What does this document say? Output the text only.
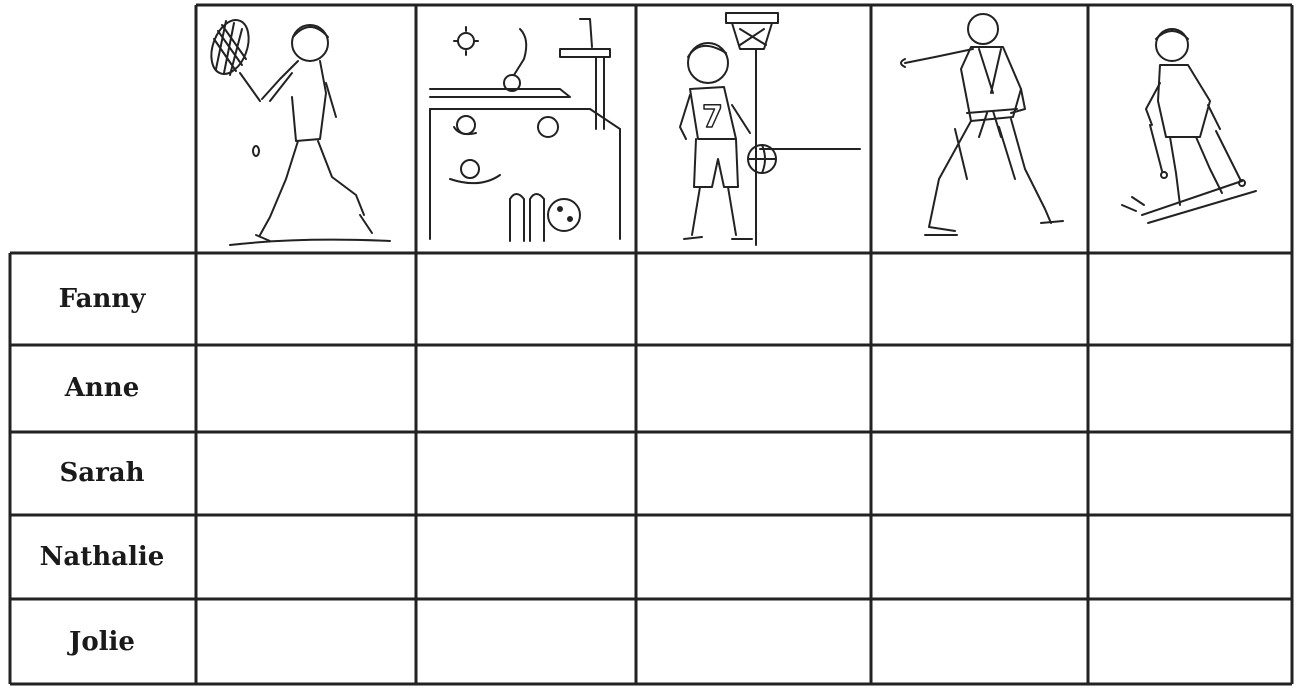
7
Fanny
Anne
Sarah
Nathalie
Jolie
